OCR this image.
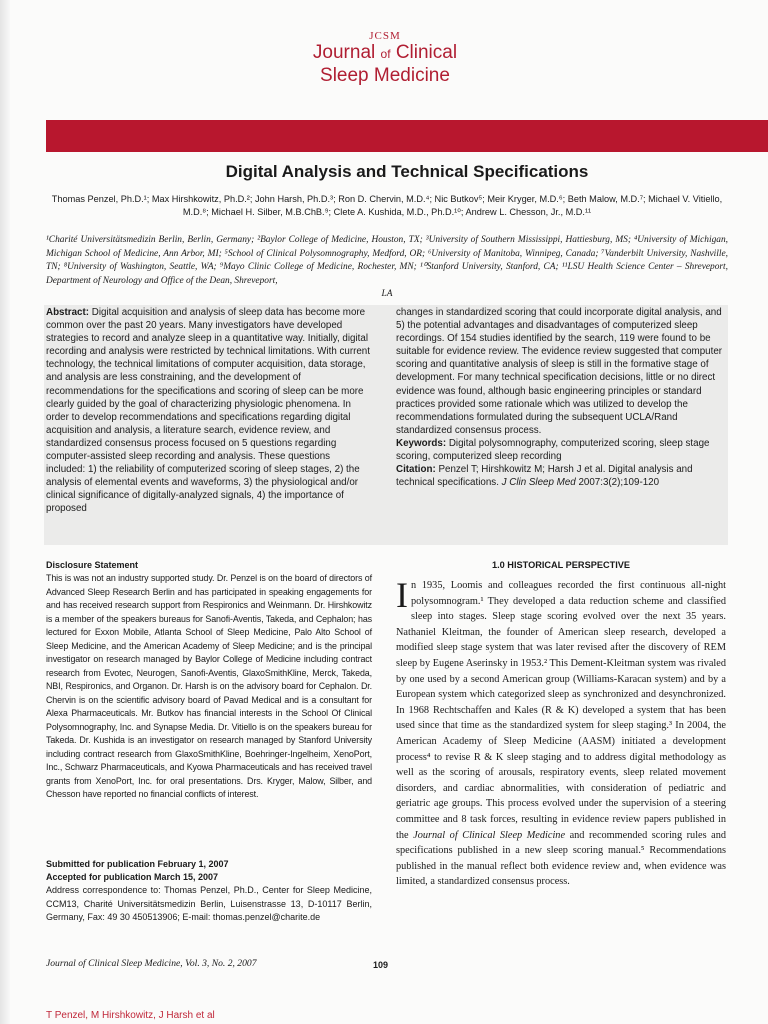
JCSM
Journal of Clinical
Sleep Medicine
Digital Analysis and Technical Specifications
Thomas Penzel, Ph.D.¹; Max Hirshkowitz, Ph.D.²; John Harsh, Ph.D.³; Ron D. Chervin, M.D.⁴; Nic Butkov⁵; Meir Kryger, M.D.⁶; Beth Malow, M.D.⁷; Michael V. Vitiello, M.D.⁸; Michael H. Silber, M.B.ChB.⁹; Clete A. Kushida, M.D., Ph.D.¹⁰; Andrew L. Chesson, Jr., M.D.¹¹
¹Charité Universitätsmedizin Berlin, Berlin, Germany; ²Baylor College of Medicine, Houston, TX; ³University of Southern Mississippi, Hattiesburg, MS; ⁴University of Michigan, Michigan School of Medicine, Ann Arbor, MI; ⁵School of Clinical Polysomnography, Medford, OR; ⁶University of Manitoba, Winnipeg, Canada; ⁷Vanderbilt University, Nashville, TN; ⁸University of Washington, Seattle, WA; ⁹Mayo Clinic College of Medicine, Rochester, MN; ¹⁰Stanford University, Stanford, CA; ¹¹LSU Health Science Center – Shreveport, Department of Neurology and Office of the Dean, Shreveport,
LA
Abstract: Digital acquisition and analysis of sleep data has become more common over the past 20 years. Many investigators have developed strategies to record and analyze sleep in a quantitative way. Initially, digital recording and analysis were restricted by technical limitations. With current technology, the technical limitations of computer acquisition, data storage, and analysis are less constraining, and the development of recommendations for the specifications and scoring of sleep can be more clearly guided by the goal of characterizing physiologic phenomena. In order to develop recommendations and specifications regarding digital acquisition and analysis, a literature search, evidence review, and standardized consensus process focused on 5 questions regarding computer-assisted sleep recording and analysis. These questions included: 1) the reliability of computerized scoring of sleep stages, 2) the analysis of elemental events and waveforms, 3) the physiological and/or clinical significance of digitally-analyzed signals, 4) the importance of proposed

changes in standardized scoring that could incorporate digital analysis, and 5) the potential advantages and disadvantages of computerized sleep recordings. Of 154 studies identified by the search, 119 were found to be suitable for evidence review. The evidence review suggested that computer scoring and quantitative analysis of sleep is still in the formative stage of development. For many technical specification decisions, little or no direct evidence was found, although basic engineering principles or standard practices provided some rationale which was utilized to develop the recommendations formulated during the subsequent UCLA/Rand standardized consensus process.

Keywords: Digital polysomnography, computerized scoring, sleep stage scoring, computerized sleep recording

Citation: Penzel T; Hirshkowitz M; Harsh J et al. Digital analysis and technical specifications. J Clin Sleep Med 2007:3(2);109-120

Disclosure Statement
This is was not an industry supported study. Dr. Penzel is on the board of directors of Advanced Sleep Research Berlin and has participated in speaking engagements for and has received research support from Respironics and Weinmann. Dr. Hirshkowitz is a member of the speakers bureaus for Sanofi-Aventis, Takeda, and Cephalon; has lectured for Exxon Mobile, Atlanta School of Sleep Medicine, Palo Alto School of Sleep Medicine, and the American Academy of Sleep Medicine; and is the principal investigator on research managed by Baylor College of Medicine including contract research from Evotec, Neurogen, Sanofi-Aventis, GlaxoSmithKline, Merck, Takeda, NBI, Respironics, and Organon. Dr. Harsh is on the advisory board for Cephalon. Dr. Chervin is on the scientific advisory board of Pavad Medical and is a consultant for Alexa Pharmaceuticals. Mr. Butkov has financial interests in the School Of Clinical Polysomnography, Inc. and Synapse Media. Dr. Vitiello is on the speakers bureau for Takeda. Dr. Kushida is an investigator on research managed by Stanford University including contract research from GlaxoSmithKline, Boehringer-Ingelheim, XenoPort, Inc., Schwarz Pharmaceuticals, and Kyowa Pharmaceuticals and has received travel grants from XenoPort, Inc. for oral presentations. Drs. Kryger, Malow, Silber, and Chesson have reported no financial conflicts of interest.
Submitted for publication February 1, 2007
Accepted for publication March 15, 2007
Address correspondence to: Thomas Penzel, Ph.D., Center for Sleep Medicine, CCM13, Charité Universitätsmedizin Berlin, Luisenstrasse 13, D-10117 Berlin, Germany, Fax: 49 30 450513906; E-mail: thomas.penzel@charite.de
1.0 HISTORICAL PERSPECTIVE
I n 1935, Loomis and colleagues recorded the first continuous all-night polysomnogram.¹ They developed a data reduction scheme and classified sleep into stages. Sleep stage scoring evolved over the next 35 years. Nathaniel Kleitman, the founder of American sleep research, developed a modified sleep stage system that was later revised after the discovery of REM sleep by Eugene Aserinsky in 1953.² This Dement-Kleitman system was rivaled by one used by a second American group (Williams-Karacan system) and by a European system which categorized sleep as synchronized and desynchronized. In 1968 Rechtschaffen and Kales (R & K) developed a system that has been used since that time as the standardized system for sleep staging.³ In 2004, the American Academy of Sleep Medicine (AASM) initiated a development process⁴ to revise R & K sleep staging and to address digital methodology as well as the scoring of arousals, respiratory events, sleep related movement disorders, and cardiac abnormalities, with consideration of pediatric and geriatric age groups. This process evolved under the supervision of a steering committee and 8 task forces, resulting in evidence review papers published in the Journal of Clinical Sleep Medicine and recommended scoring rules and specifications published in a new sleep scoring manual.⁵ Recommendations published in the manual reflect both evidence review and, when evidence was limited, a standardized consensus process.
Journal of Clinical Sleep Medicine, Vol. 3, No. 2, 2007	109
T Penzel, M Hirshkowitz, J Harsh et al
